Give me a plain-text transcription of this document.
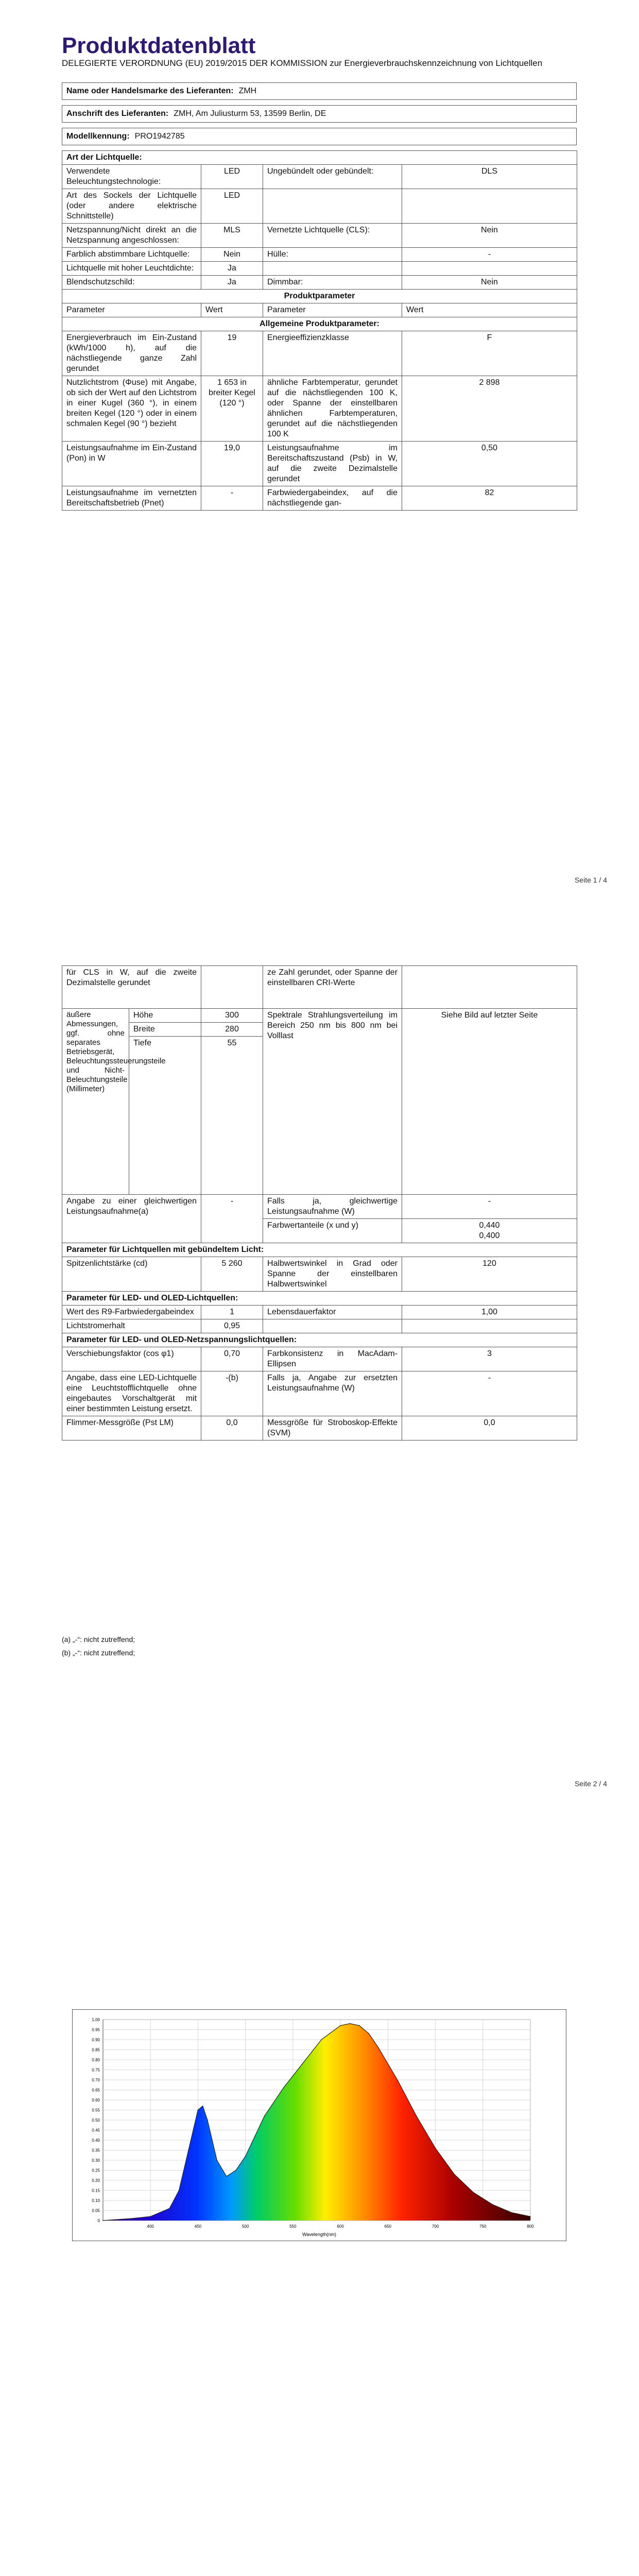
Produktdatenblatt
DELEGIERTE VERORDNUNG (EU) 2019/2015 DER KOMMISSION zur Energieverbrauchskennzeichnung von Lichtquellen
Name oder Handelsmarke des Lieferanten: ZMH
Anschrift des Lieferanten: ZMH, Am Juliusturm 53, 13599 Berlin, DE
Modellkennung: PRO1942785
Art der Lichtquelle:			
Verwendete Beleuchtungstechnologie:	LED	Ungebündelt oder gebündelt:	DLS
Art des Sockels der Lichtquelle (oder andere elektrische Schnittstelle)	LED		
Netzspannung/Nicht direkt an die Netzspannung angeschlossen:	MLS	Vernetzte Lichtquelle (CLS):	Nein
Farblich abstimmbare Lichtquelle:	Nein	Hülle:	-
Lichtquelle mit hoher Leuchtdichte:	Ja		
Blendschutzschild:	Ja	Dimmbar:	Nein
Produktparameter			
Parameter	Wert	Parameter	Wert
Allgemeine Produktparameter:			
Energieverbrauch im Ein-Zustand (kWh/1000 h), auf die nächstliegende ganze Zahl gerundet	19	Energieeffizienzklasse	F
Nutzlichtstrom (Φuse) mit Angabe, ob sich der Wert auf den Lichtstrom in einer Kugel (360 °), in einem breiten Kegel (120 °) oder in einem schmalen Kegel (90 °) bezieht	1 653 in breiter Kegel (120 °)	ähnliche Farbtemperatur, gerundet auf die nächstliegenden 100 K, oder Spanne der einstellbaren ähnlichen Farbtemperaturen, gerundet auf die nächstliegenden 100 K	2 898
Leistungsaufnahme im Ein-Zustand (Pon) in W	19,0	Leistungsaufnahme im Bereitschaftszustand (Psb) in W, auf die zweite Dezimalstelle gerundet	0,50
Leistungsaufnahme im vernetzten Bereitschaftsbetrieb (Pnet)	-	Farbwiedergabeindex, auf die nächstliegende gan-	82
Seite 1 / 4
für CLS in W, auf die zweite Dezimalstelle gerundet			ze Zahl gerundet, oder Spanne der einstellbaren CRI-Werte	
äußere Abmessungen, ggf. ohne separates Betriebsgerät, Beleuchtungssteuerungsteile und Nicht-Beleuchtungsteile (Millimeter)	Höhe	300	Spektrale Strahlungsverteilung im Bereich 250 nm bis 800 nm bei Volllast	Siehe Bild auf letzter Seite
	Breite	280		
	Tiefe	55		
Angabe zu einer gleichwertigen Leistungsaufnahme(a)		-	Falls ja, gleichwertige Leistungsaufnahme (W)	-
			Farbwertanteile (x und y)	0,440
0,400

Parameter für Lichtquellen mit gebündeltem Licht:				
Spitzenlichtstärke (cd)		5 260	Halbwertswinkel in Grad oder Spanne der einstellbaren Halbwertswinkel	120
Parameter für LED- und OLED-Lichtquellen:				
Wert des R9-Farbwiedergabeindex		1	Lebensdauerfaktor	1,00
Lichtstromerhalt		0,95		
Parameter für LED- und OLED-Netzspannungslichtquellen:				
Verschiebungsfaktor (cos φ1)		0,70	Farbkonsistenz in MacAdam-Ellipsen	3
Angabe, dass eine LED-Lichtquelle eine Leuchtstofflichtquelle ohne eingebautes Vorschaltgerät mit einer bestimmten Leistung ersetzt.		-(b)	Falls ja, Angabe zur ersetzten Leistungsaufnahme (W)	-
Flimmer-Messgröße (Pst LM)		0,0	Messgröße für Stroboskop-Effekte (SVM)	0,0
(a) „-“: nicht zutreffend;
(b) „-“: nicht zutreffend;
Seite 2 / 4
0
0.05
0.10
0.15
0.20
0.25
0.30
0.35
0.40
0.45
0.50
0.55
0.60
0.65
0.70
0.75
0.80
0.85
0.90
0.95
1.00
400	450	500	550	600	650	700	750	800
Wavelength(nm)
